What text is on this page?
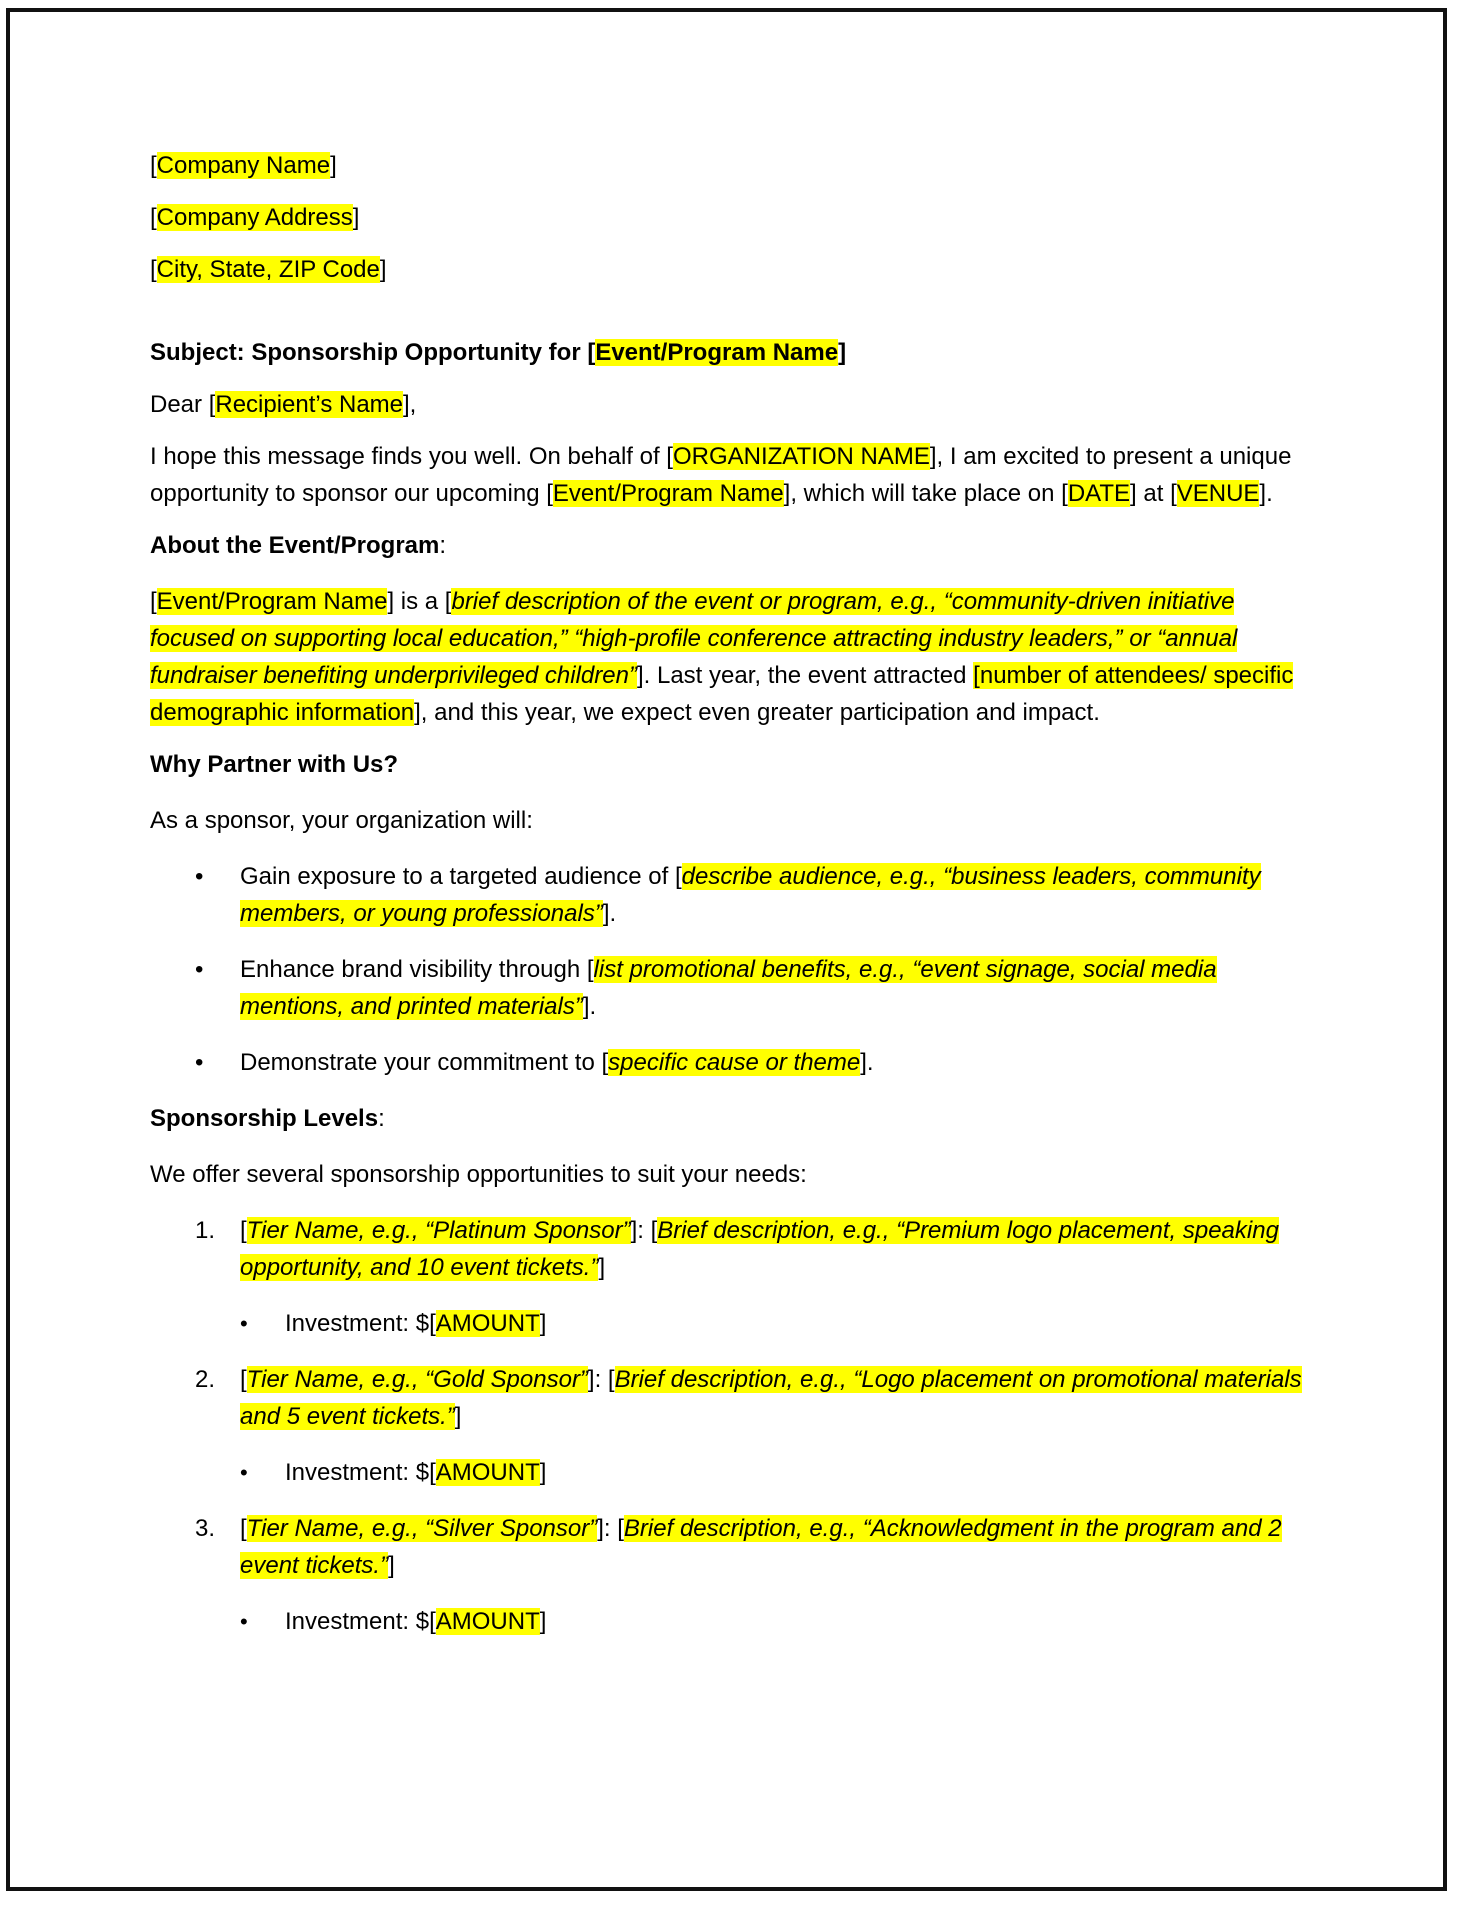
[Company Name]

[Company Address]

[City, State, ZIP Code]

Subject: Sponsorship Opportunity for [Event/Program Name]

Dear [Recipient’s Name],

I hope this message finds you well. On behalf of [ORGANIZATION NAME], I am excited to present a unique opportunity to sponsor our upcoming [Event/Program Name], which will take place on [DATE] at [VENUE].

About the Event/Program:

[Event/Program Name] is a [brief description of the event or program, e.g., “community-driven initiative focused on supporting local education,” “high-profile conference attracting industry leaders,” or “annual fundraiser benefiting underprivileged children”]. Last year, the event attracted [number of attendees/ specific demographic information], and this year, we expect even greater participation and impact.

Why Partner with Us?

As a sponsor, your organization will:

• Gain exposure to a targeted audience of [describe audience, e.g., “business leaders, community members, or young professionals”].
• Enhance brand visibility through [list promotional benefits, e.g., “event signage, social media mentions, and printed materials”].
• Demonstrate your commitment to [specific cause or theme].

Sponsorship Levels:

We offer several sponsorship opportunities to suit your needs:

1. [Tier Name, e.g., “Platinum Sponsor”]: [Brief description, e.g., “Premium logo placement, speaking opportunity, and 10 event tickets.”]
• Investment: $[AMOUNT]
2. [Tier Name, e.g., “Gold Sponsor”]: [Brief description, e.g., “Logo placement on promotional materials and 5 event tickets.”]
• Investment: $[AMOUNT]
3. [Tier Name, e.g., “Silver Sponsor”]: [Brief description, e.g., “Acknowledgment in the program and 2 event tickets.”]
• Investment: $[AMOUNT]
